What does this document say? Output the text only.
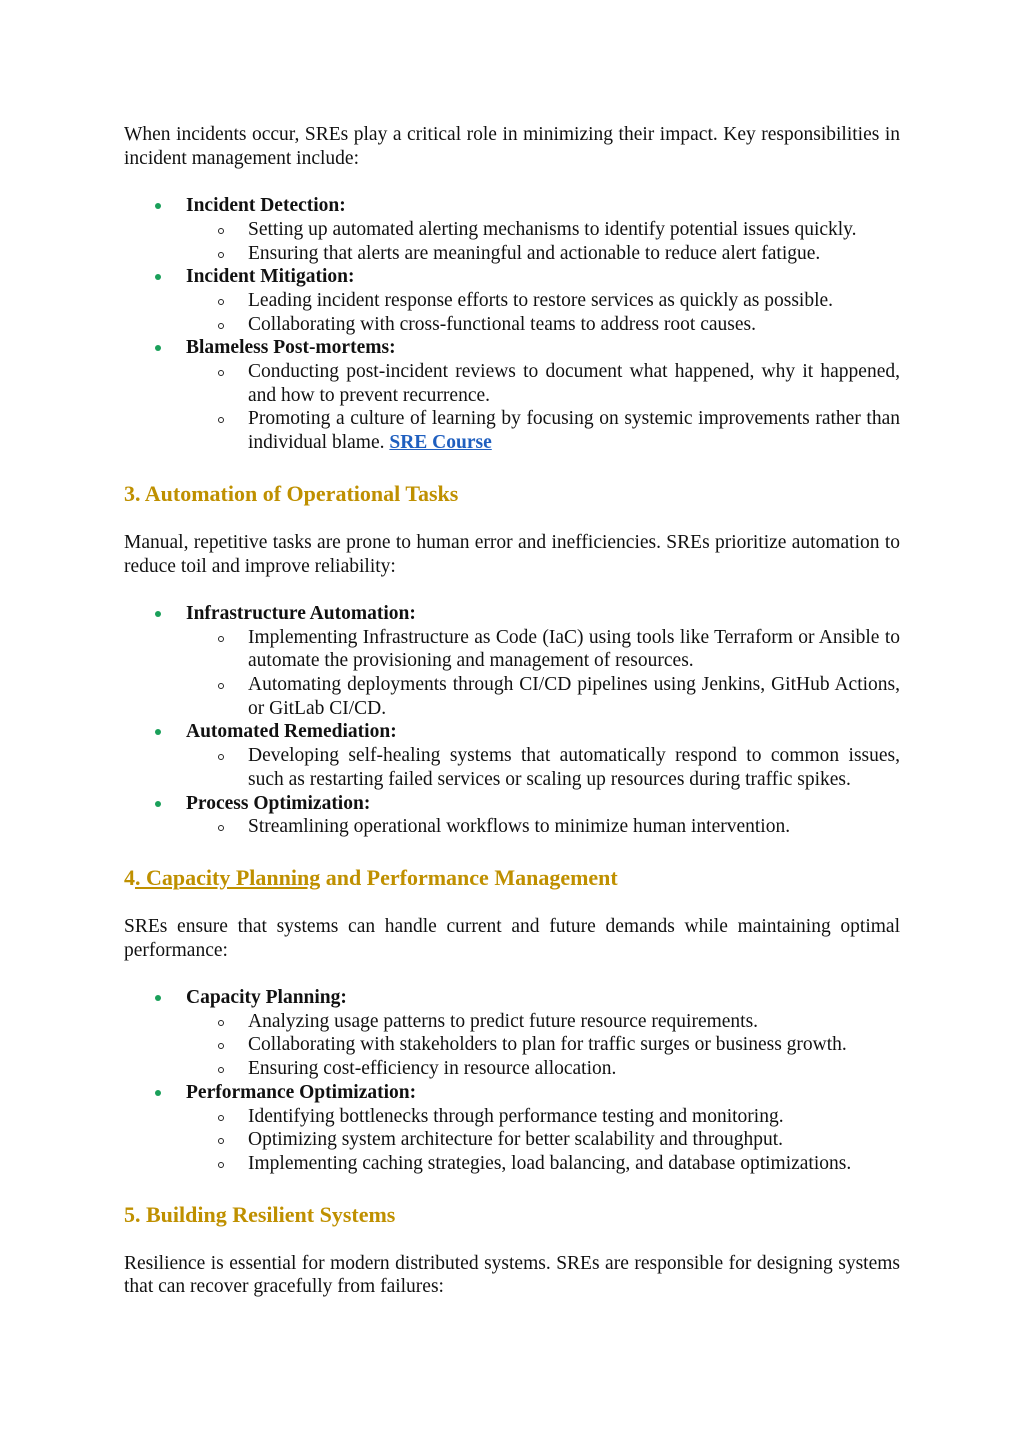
When incidents occur, SREs play a critical role in minimizing their impact. Key responsibilities in incident management include:

Incident Detection:
Setting up automated alerting mechanisms to identify potential issues quickly.
Ensuring that alerts are meaningful and actionable to reduce alert fatigue.
Incident Mitigation:
Leading incident response efforts to restore services as quickly as possible.
Collaborating with cross-functional teams to address root causes.
Blameless Post-mortems:
Conducting post-incident reviews to document what happened, why it happened, and how to prevent recurrence.
Promoting a culture of learning by focusing on systemic improvements rather than individual blame. SRE Course
3. Automation of Operational Tasks

Manual, repetitive tasks are prone to human error and inefficiencies. SREs prioritize automation to reduce toil and improve reliability:

Infrastructure Automation:
Implementing Infrastructure as Code (IaC) using tools like Terraform or Ansible to automate the provisioning and management of resources.
Automating deployments through CI/CD pipelines using Jenkins, GitHub Actions, or GitLab CI/CD.
Automated Remediation:
Developing self-healing systems that automatically respond to common issues, such as restarting failed services or scaling up resources during traffic spikes.
Process Optimization:
Streamlining operational workflows to minimize human intervention.
4. Capacity Planning and Performance Management

SREs ensure that systems can handle current and future demands while maintaining optimal performance:

Capacity Planning:
Analyzing usage patterns to predict future resource requirements.
Collaborating with stakeholders to plan for traffic surges or business growth.
Ensuring cost-efficiency in resource allocation.
Performance Optimization:
Identifying bottlenecks through performance testing and monitoring.
Optimizing system architecture for better scalability and throughput.
Implementing caching strategies, load balancing, and database optimizations.
5. Building Resilient Systems

Resilience is essential for modern distributed systems. SREs are responsible for designing systems that can recover gracefully from failures:
